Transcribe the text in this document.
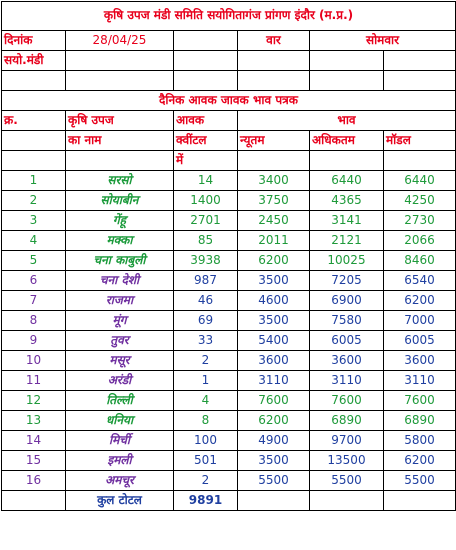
कृषि उपज मंडी समिति सयोगितागंज प्रांगण इंदौर (म.प्र.)					
दिनांक	28/04/25		वार	सोमवार	
सयो.मंडी					

दैनिक आवक जावक भाव पत्रक					
क्र.	कृषि उपज	आवक	भाव		
	का नाम	क्वींटल	न्यूतम	अधिकतम	मॉडल
		में			
1	सरसो	14	3400	6440	6440
2	सोयाबीन	1400	3750	4365	4250
3	गेंहू	2701	2450	3141	2730
4	मक्का	85	2011	2121	2066
5	चना काबुली	3938	6200	10025	8460
6	चना देशी	987	3500	7205	6540
7	राजमा	46	4600	6900	6200
8	मूंग	69	3500	7580	7000
9	तुवर	33	5400	6005	6005
10	मसूर	2	3600	3600	3600
11	अरंडी	1	3110	3110	3110
12	तिल्ली	4	7600	7600	7600
13	धनिया	8	6200	6890	6890
14	मिर्ची	100	4900	9700	5800
15	इमली	501	3500	13500	6200
16	अमचूर	2	5500	5500	5500
	कुल टोटल	9891			
